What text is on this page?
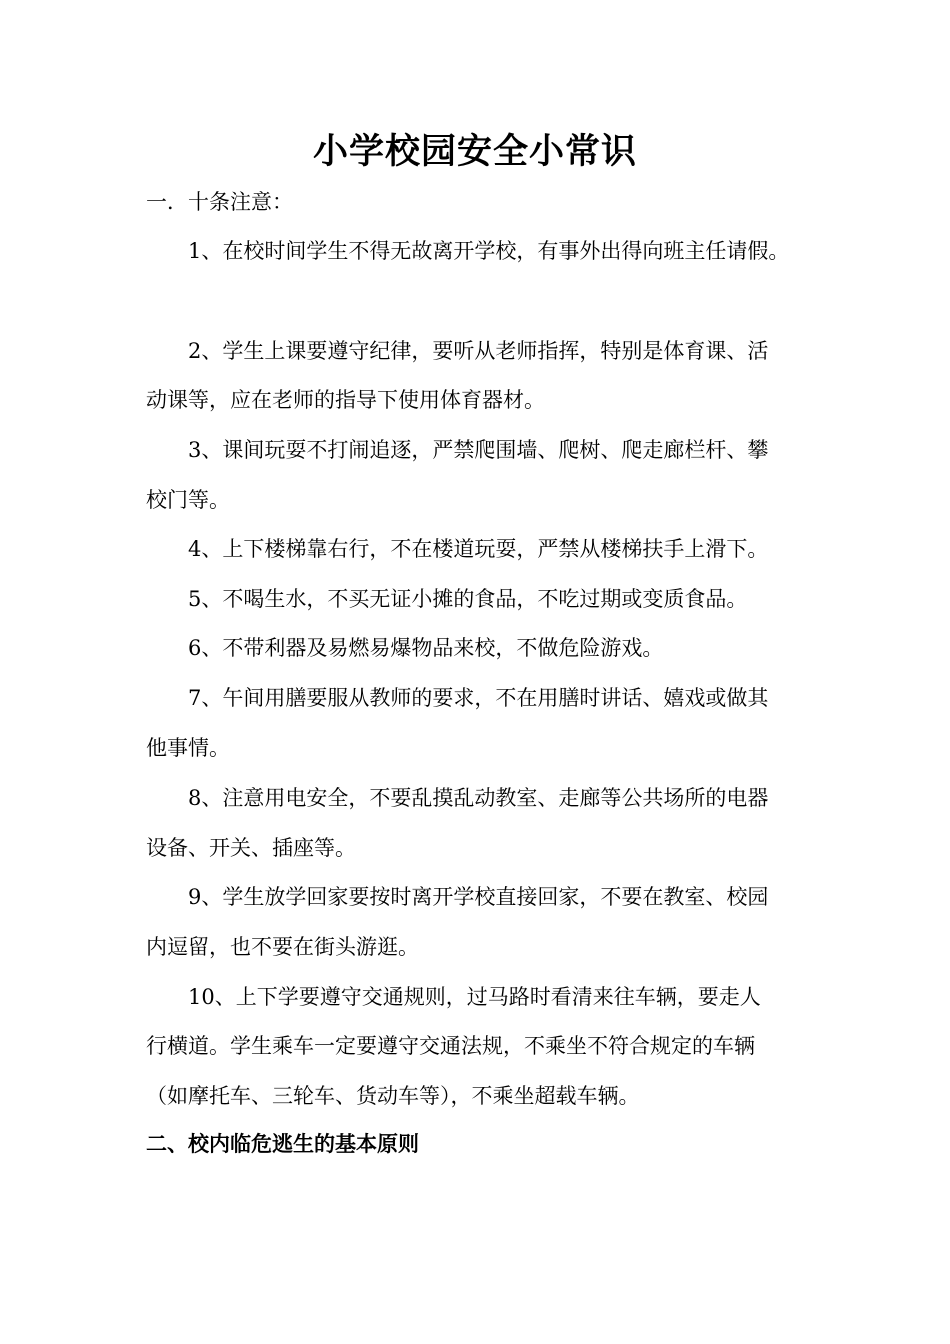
小学校园安全小常识
一．十条注意：
1、在校时间学生不得无故离开学校，有事外出得向班主任请假。
2、学生上课要遵守纪律，要听从老师指挥，特别是体育课、活
动课等，应在老师的指导下使用体育器材。
3、课间玩耍不打闹追逐，严禁爬围墙、爬树、爬走廊栏杆、攀
校门等。
4、上下楼梯靠右行，不在楼道玩耍，严禁从楼梯扶手上滑下。
5、不喝生水，不买无证小摊的食品，不吃过期或变质食品。
6、不带利器及易燃易爆物品来校，不做危险游戏。
7、午间用膳要服从教师的要求，不在用膳时讲话、嬉戏或做其
他事情。
8、注意用电安全，不要乱摸乱动教室、走廊等公共场所的电器
设备、开关、插座等。
9、学生放学回家要按时离开学校直接回家，不要在教室、校园
内逗留，也不要在街头游逛。
10、上下学要遵守交通规则，过马路时看清来往车辆，要走人
行横道。学生乘车一定要遵守交通法规，不乘坐不符合规定的车辆
（如摩托车、三轮车、货动车等），不乘坐超载车辆。
二、校内临危逃生的基本原则
